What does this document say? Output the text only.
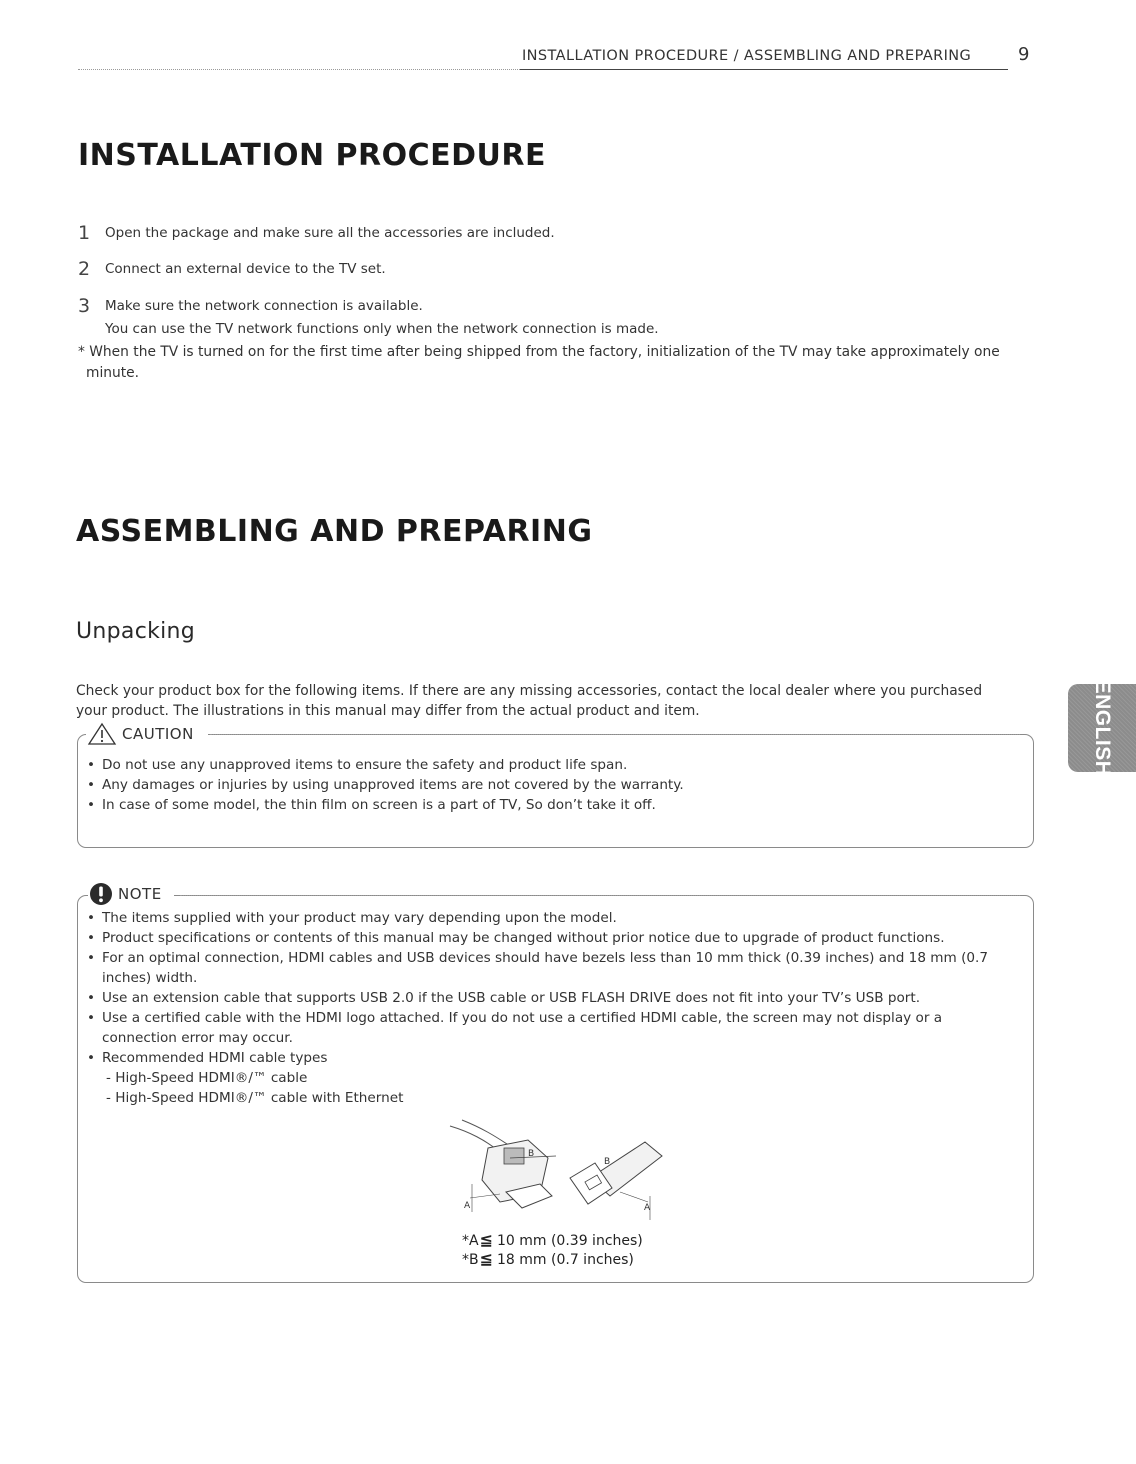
INSTALLATION PROCEDURE / ASSEMBLING AND PREPARING	9
INSTALLATION PROCEDURE
1 Open the package and make sure all the accessories are included.
2 Connect an external device to the TV set.
3 Make sure the network connection is available.
You can use the TV network functions only when the network connection is made.
* When the TV is turned on for the first time after being shipped from the factory, initialization of the TV may take approximately one
minute.
ASSEMBLING AND PREPARING
Unpacking
Check your product box for the following items. If there are any missing accessories, contact the local dealer where you purchased
your product. The illustrations in this manual may differ from the actual product and item.
CAUTION
• Do not use any unapproved items to ensure the safety and product life span.
• Any damages or injuries by using unapproved items are not covered by the warranty.
• In case of some model, the thin film on screen is a part of TV, So don’t take it off.
NOTE
• The items supplied with your product may vary depending upon the model.
• Product specifications or contents of this manual may be changed without prior notice due to upgrade of product functions.
• For an optimal connection, HDMI cables and USB devices should have bezels less than 10 mm thick (0.39 inches) and 18 mm (0.7
inches) width.
• Use an extension cable that supports USB 2.0 if the USB cable or USB FLASH DRIVE does not fit into your TV’s USB port.
• Use a certified cable with the HDMI logo attached. If you do not use a certified HDMI cable, the screen may not display or a
connection error may occur.
• Recommended HDMI cable types
- High-Speed HDMI®/™ cable
- High-Speed HDMI®/™ cable with Ethernet
A
B
B
A
*A≦ 10 mm (0.39 inches)
*B≦ 18 mm (0.7 inches)
ENGLISH
